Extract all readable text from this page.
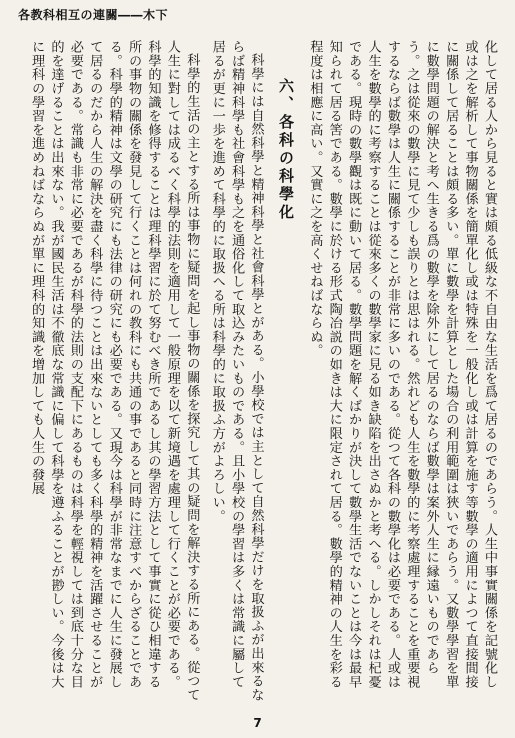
各教科相互の連關――木下

化して居る人から見ると實は頗る低級な不自由な生活を爲て居るのであらう。人生中事實關係を記號化し或は之を解析して事物關係を簡單化し或は特殊を一般化し或は計算を施す等數學の適用によつて直接間接に關係して居ることは頗る多い。單に數學を計算とした場合の利用範圍は狹いであらう。又數學學習を單に數學問題の解決と考へ生きる爲の數學を除外にして居るのならば數學は案外人生に縁遠いものであらう。之は從來の數學に見て少しも誤りとは思はれる。然れども人生を數學的に考察處理することを重要視するならば數學は人生に關係することが非常に多いのである。從つて各科の數學化は必要である。人或は人生を數學的に考察することは從來多くの數學家に見る如き缺陷を出さぬかと考へる。しかしそれは杞憂である。現時の數學觀は既に動いて居る。數學問題を解くばかりが決して數學生活でないことは今は最早知られて居る筈である。數學に於ける形式陶冶説の如きは大に限定されて居る。數學的精神の人生を彩る程度は相應に高い。又實に之を高くせねばならぬ。

六、各科の科學化

科學には自然科學と精神科學と社會科學とがある。小學校では主として自然科學だけを取扱ふが出來るならば精神科學も社會科學も之を通俗化して取込みたいものである。且小學校の學習は多くは常識に屬して居るが更に一歩を進めて科學的に取扱へる所は科學的に取扱ふ方がよろしい。

科學的生活の主とする所は事物に疑問を起し事物の關係を探究して其の疑問を解決する所にある。從つて人生に對しては成るべく科學的法則を適用して一般原理を以て新境遇を處理して行くことが必要である。科學的知識を修得することは理科學習に於て努むべき所であるし其の學習方法として事實に從ひ相違する所の事物の關係を發見して行くことは何れの教科にも共通の事であると同時に注意すべからざることである。科學的精神は文學の研究にも法律の研究にも必要である。又現今は科學が非常なまでに人生に發展して居るのだから人生の解決を盡く科學に待つことは出來ないとしても多く科學的精神を活躍させることが必要である。常識も非常に必要であるが科學的法則の支配下にあるものは科學を輕視しては到底十分な目的を達げることは出來ない。我が國民生活は不徹底な常識に偏して科學を遵ふることが尠しい。今後は大に理科の學習を進めねばならぬが單に理科的知識を增加しても人生の發展

7
